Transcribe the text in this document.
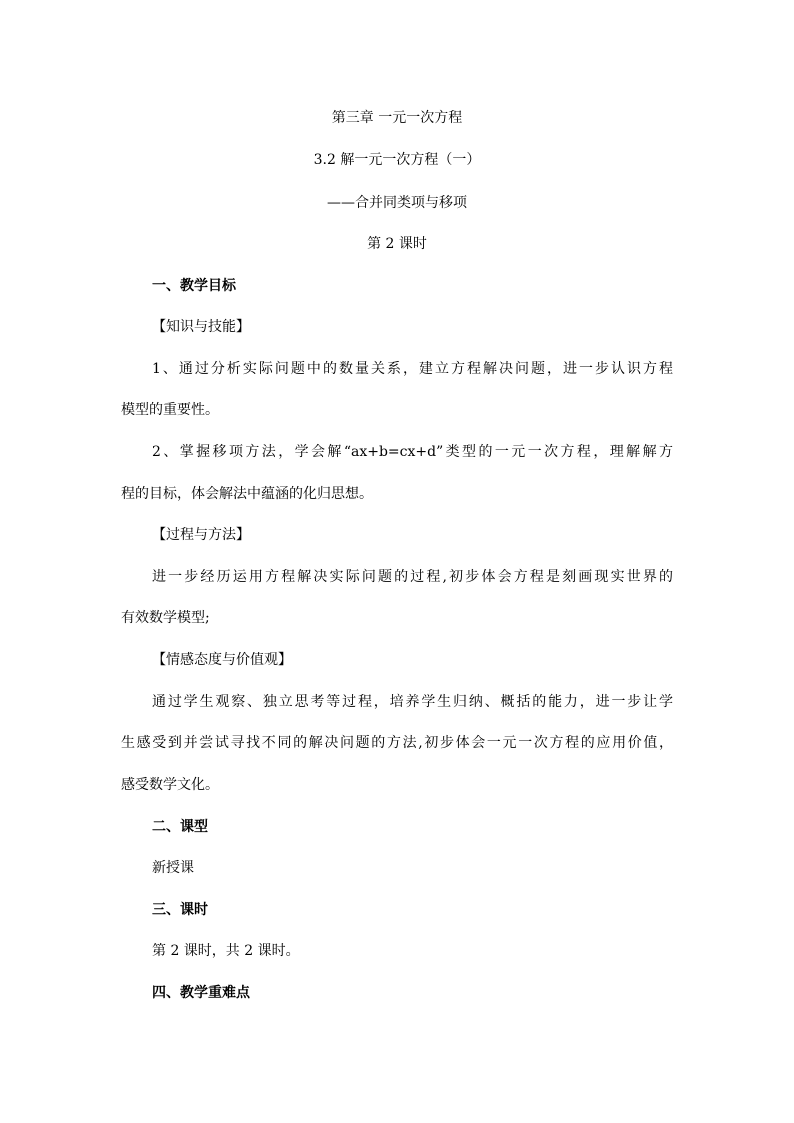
第三章 一元一次方程
3.2 解一元一次方程（一）
——合并同类项与移项
第 2 课时
一、教学目标
【知识与技能】
1、通过分析实际问题中的数量关系，建立方程解决问题，进一步认识方程
模型的重要性。
2、掌握移项方法，学会解“ax+b=cx+d”类型的一元一次方程，理解解方
程的目标，体会解法中蕴涵的化归思想。
【过程与方法】
进一步经历运用方程解决实际问题的过程,初步体会方程是刻画现实世界的
有效数学模型;
【情感态度与价值观】
通过学生观察、独立思考等过程，培养学生归纳、概括的能力，进一步让学
生感受到并尝试寻找不同的解决问题的方法,初步体会一元一次方程的应用价值，
感受数学文化。
二、课型
新授课
三、课时
第 2 课时，共 2 课时。
四、教学重难点
